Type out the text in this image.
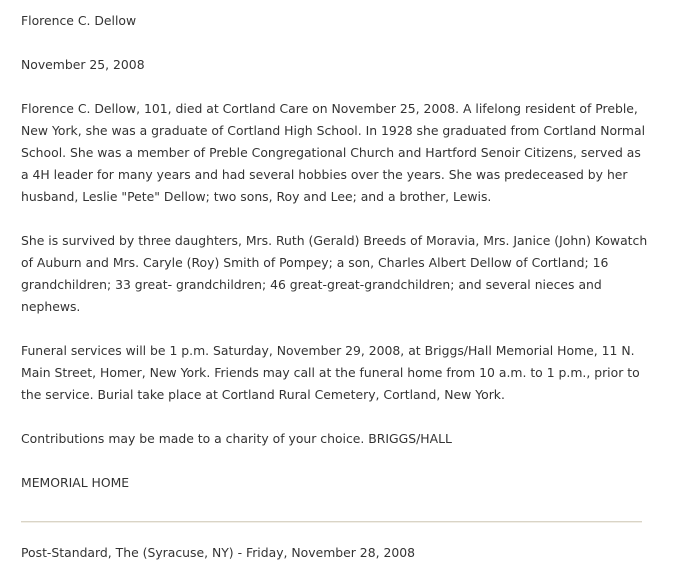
Florence C. Dellow

November 25, 2008

Florence C. Dellow, 101, died at Cortland Care on November 25, 2008. A lifelong resident of Preble, New York, she was a graduate of Cortland High School. In 1928 she graduated from Cortland Normal School. She was a member of Preble Congregational Church and Hartford Senoir Citizens, served as a 4H leader for many years and had several hobbies over the years. She was predeceased by her husband, Leslie "Pete" Dellow; two sons, Roy and Lee; and a brother, Lewis.

She is survived by three daughters, Mrs. Ruth (Gerald) Breeds of Moravia, Mrs. Janice (John) Kowatch of Auburn and Mrs. Caryle (Roy) Smith of Pompey; a son, Charles Albert Dellow of Cortland; 16 grandchildren; 33 great- grandchildren; 46 great-great-grandchildren; and several nieces and nephews.

Funeral services will be 1 p.m. Saturday, November 29, 2008, at Briggs/Hall Memorial Home, 11 N. Main Street, Homer, New York. Friends may call at the funeral home from 10 a.m. to 1 p.m., prior to the service. Burial take place at Cortland Rural Cemetery, Cortland, New York.

Contributions may be made to a charity of your choice. BRIGGS/HALL

MEMORIAL HOME

Post-Standard, The (Syracuse, NY) - Friday, November 28, 2008
